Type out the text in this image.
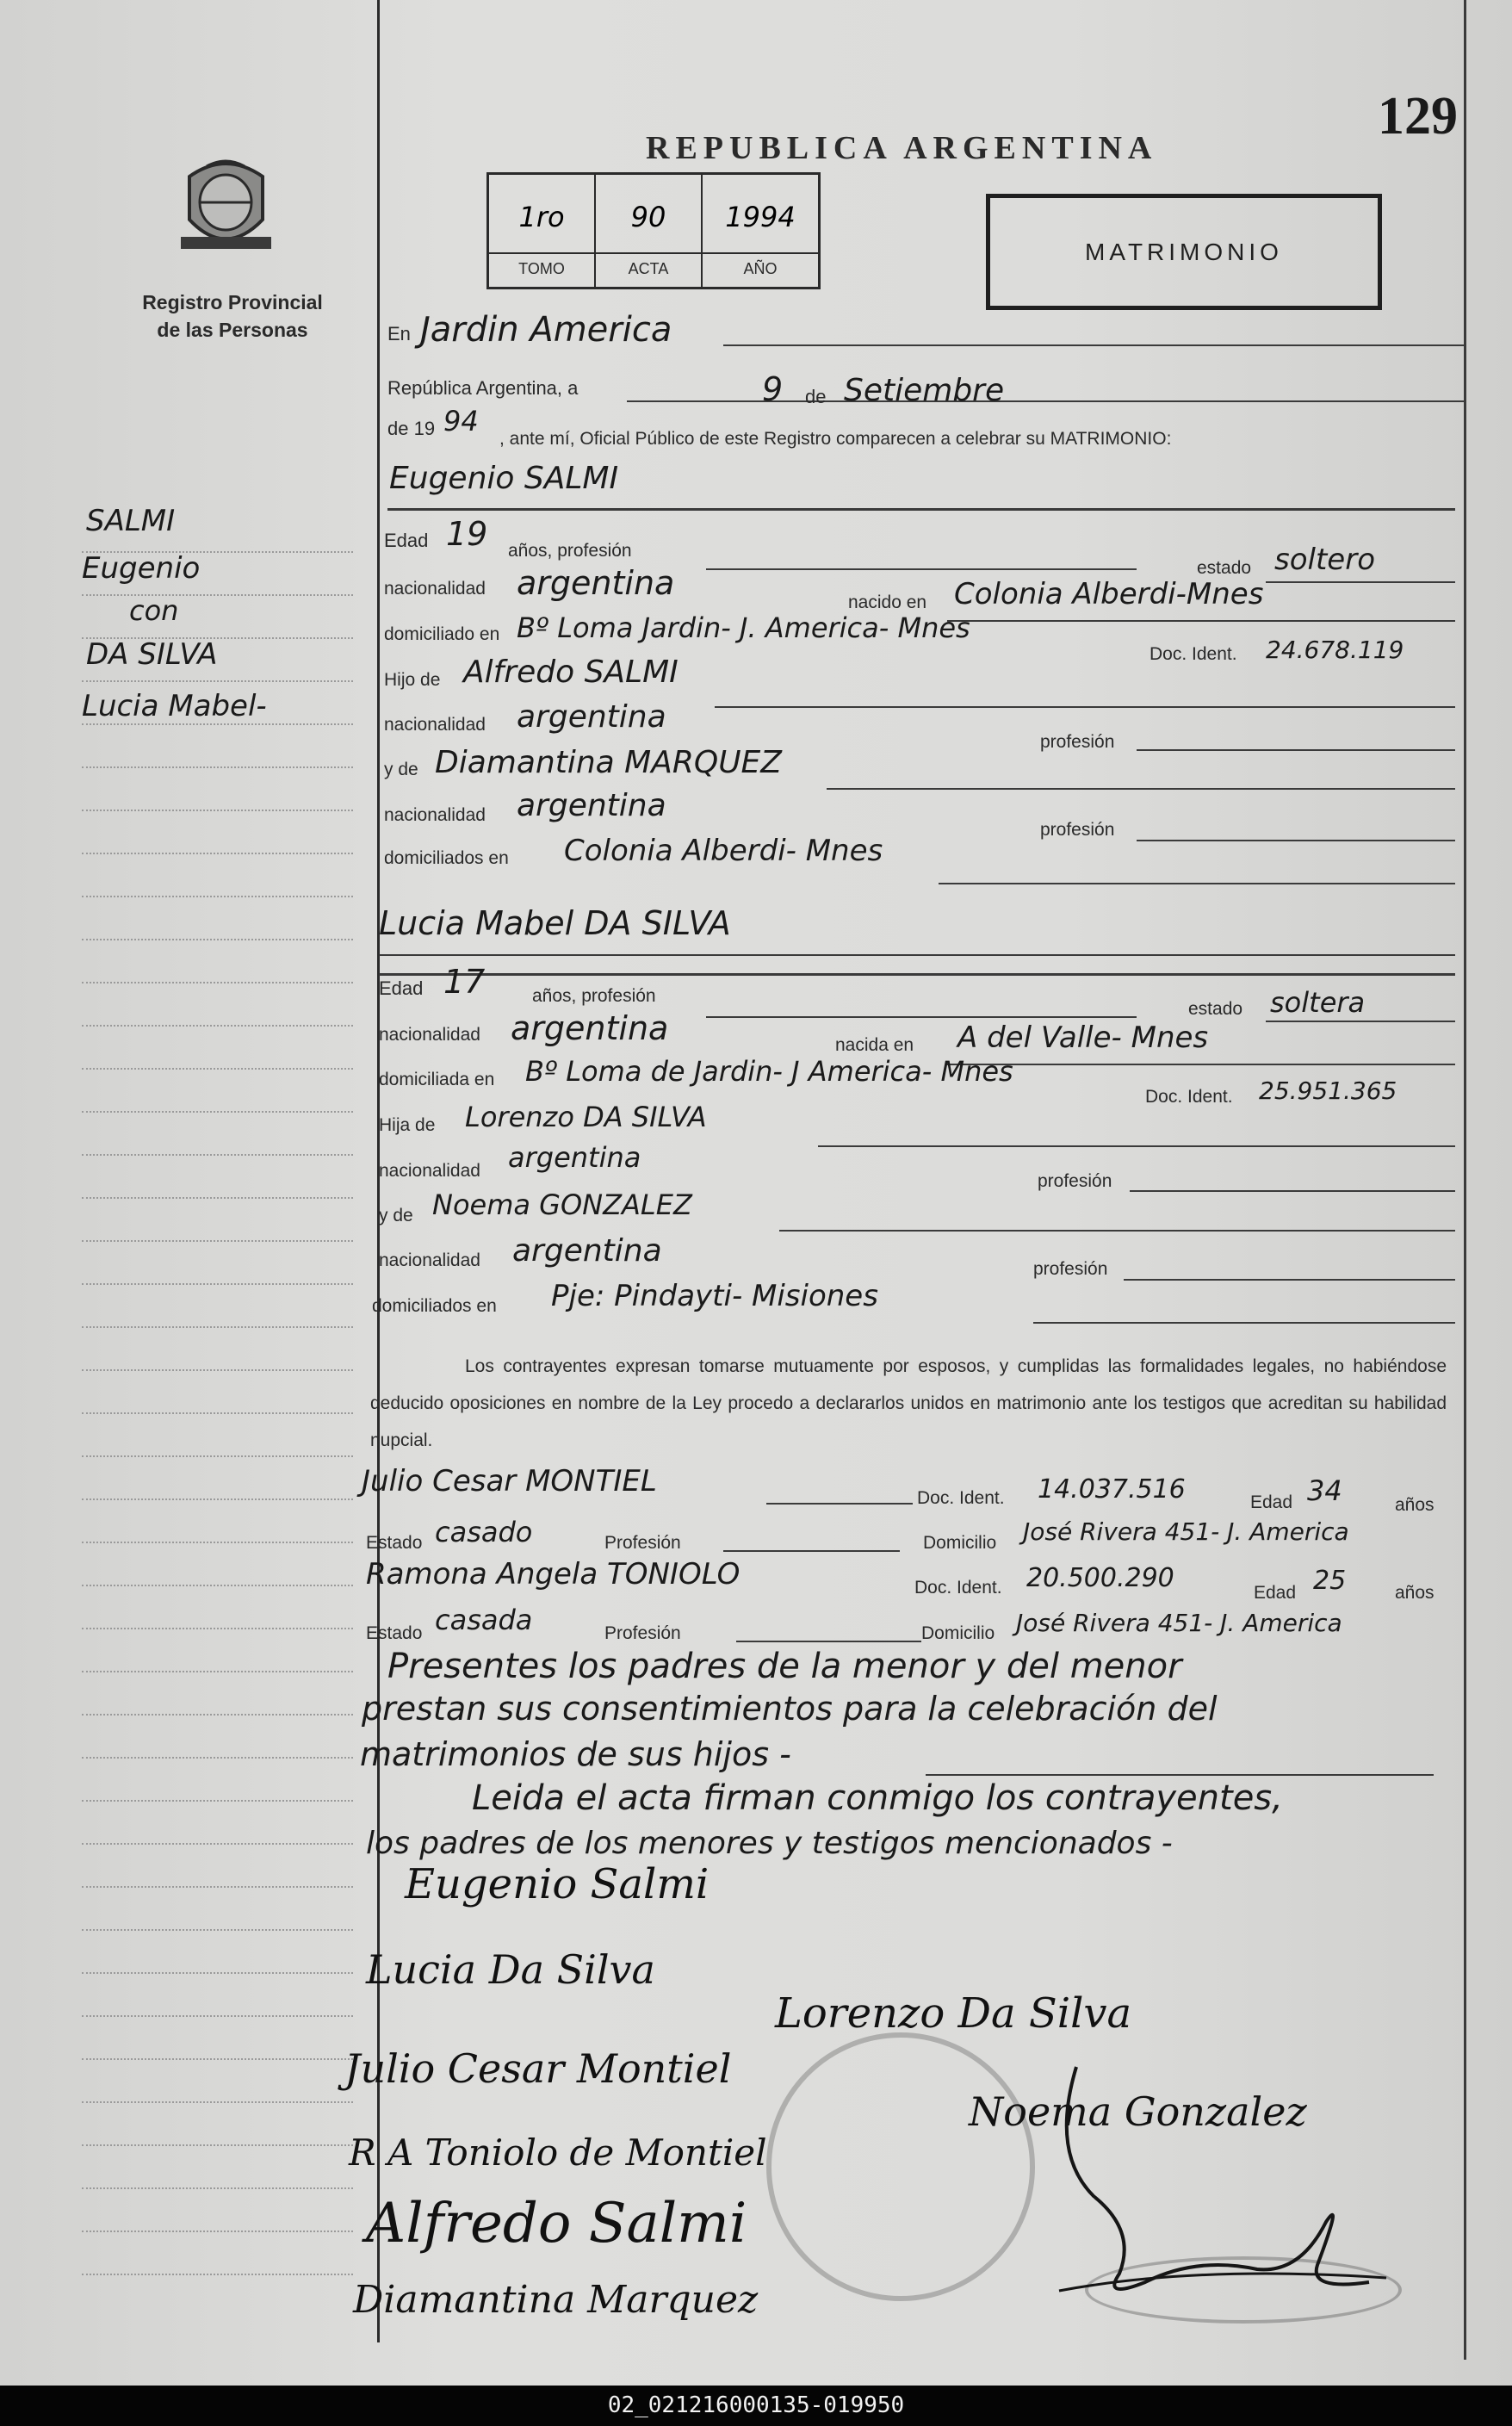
Registro Provincial
de las Personas
REPUBLICA ARGENTINA
129
1ro
TOMO
90
ACTA
1994
AÑO
MATRIMONIO
SALMI
Eugenio
con
DA SILVA
Lucia Mabel-
En Jardin America
República Argentina, a	9 de Setiembre
de 19 94
, ante mí, Oficial Público de este Registro comparecen a celebrar su MATRIMONIO:
Eugenio SALMI
Edad 19 años, profesión
estado soltero
nacionalidad argentina
nacido en Colonia Alberdi-Mnes
domiciliado en Bº Loma Jardin- J. America- Mnes
Doc. Ident. 24.678.119
Hijo de Alfredo SALMI
nacionalidad argentina
profesión
y de Diamantina MARQUEZ
nacionalidad argentina
profesión
domiciliados en Colonia Alberdi- Mnes
Lucia Mabel DA SILVA
Edad 17	años, profesión
estado soltera
nacionalidad argentina	nacida en A del Valle- Mnes
domiciliada en Bº Loma de Jardin- J America- Mnes
Doc. Ident. 25.951.365
Hija de Lorenzo DA SILVA
nacionalidad argentina
profesión
y de Noema GONZALEZ
nacionalidad argentina
profesión
domiciliados en Pje: Pindayti- Misiones
Los contrayentes expresan tomarse mutuamente por esposos, y cumplidas las formalidades legales, no habiéndose deducido oposiciones en nombre de la Ley procedo a declararlos unidos en matrimonio ante los testigos que acreditan su habilidad nupcial.
Julio Cesar MONTIEL	Doc. Ident. 14.037.516	Edad 34	años
Estado casado	Profesión	Domicilio José Rivera 451- J. America
Ramona Angela TONIOLO	Doc. Ident. 20.500.290	Edad 25	años
Estado casada	Profesión	Domicilio José Rivera 451- J. America
Presentes los padres de la menor y del menor
prestan sus consentimientos para la celebración del
matrimonios de sus hijos -
Leida el acta firman conmigo los contrayentes,
los padres de los menores y testigos mencionados -
Eugenio Salmi
Lucia Da Silva
Lorenzo Da Silva
Julio Cesar Montiel
Noema Gonzalez
R A Toniolo de Montiel
Alfredo Salmi
Diamantina Marquez
02_021216000135-019950
